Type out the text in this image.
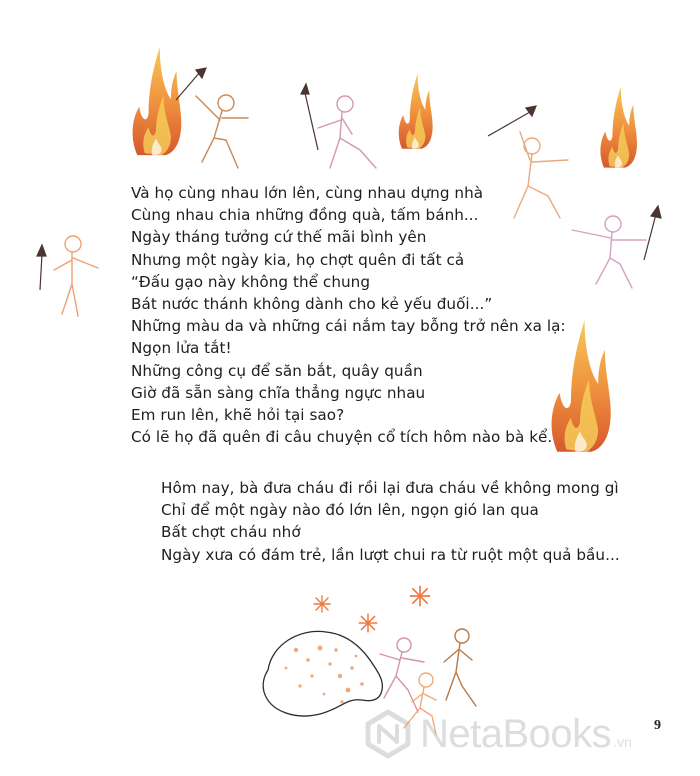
Và họ cùng nhau lớn lên, cùng nhau dựng nhà
Cùng nhau chia những đồng quà, tấm bánh...
Ngày tháng tưởng cứ thế mãi bình yên
Nhưng một ngày kia, họ chợt quên đi tất cả
“Đấu gạo này không thể chung
Bát nước thánh không dành cho kẻ yếu đuối...”
Những màu da và những cái nắm tay bỗng trở nên xa lạ:
Ngọn lửa tắt!
Những công cụ để săn bắt, quây quần
Giờ đã sẵn sàng chĩa thẳng ngực nhau
Em run lên, khẽ hỏi tại sao?
Có lẽ họ đã quên đi câu chuyện cổ tích hôm nào bà kể.
Hôm nay, bà đưa cháu đi rồi lại đưa cháu về không mong gì
Chỉ để một ngày nào đó lớn lên, ngọn gió lan qua
Bất chợt cháu nhớ
Ngày xưa có đám trẻ, lần lượt chui ra từ ruột một quả bầu...
NetaBooks .vn
9
